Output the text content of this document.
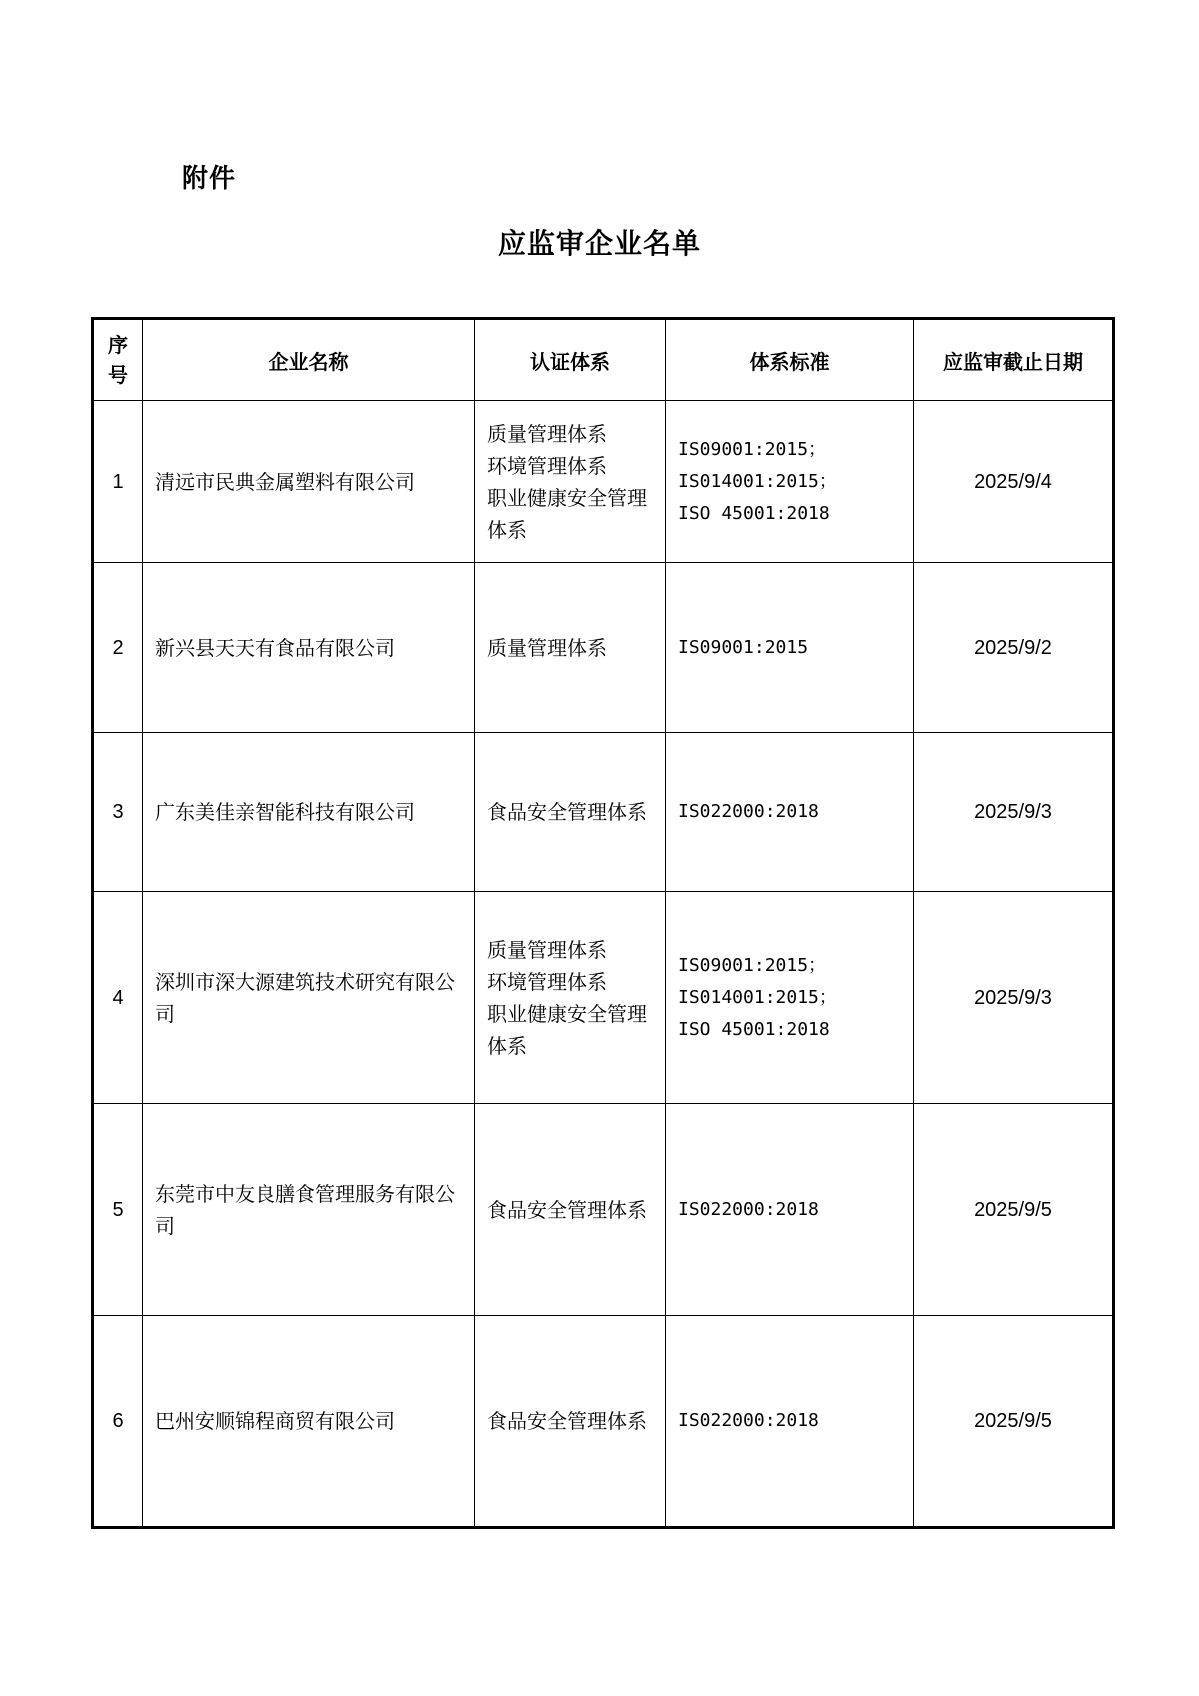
附件
应监审企业名单
序
号	企业名称	认证体系	体系标准	应监审截止日期
1	清远市民典金属塑料有限公司	质量管理体系
环境管理体系
职业健康安全管理体系	IS09001:2015；
IS014001:2015；
ISO 45001:2018	2025/9/4
2	新兴县天天有食品有限公司	质量管理体系	IS09001:2015	2025/9/2
3	广东美佳亲智能科技有限公司	食品安全管理体系	IS022000:2018	2025/9/3
4	深圳市深大源建筑技术研究有限公司	质量管理体系
环境管理体系
职业健康安全管理体系	IS09001:2015；
IS014001:2015；
ISO 45001:2018	2025/9/3
5	东莞市中友良膳食管理服务有限公司	食品安全管理体系	IS022000:2018	2025/9/5
6	巴州安顺锦程商贸有限公司	食品安全管理体系	IS022000:2018	2025/9/5
